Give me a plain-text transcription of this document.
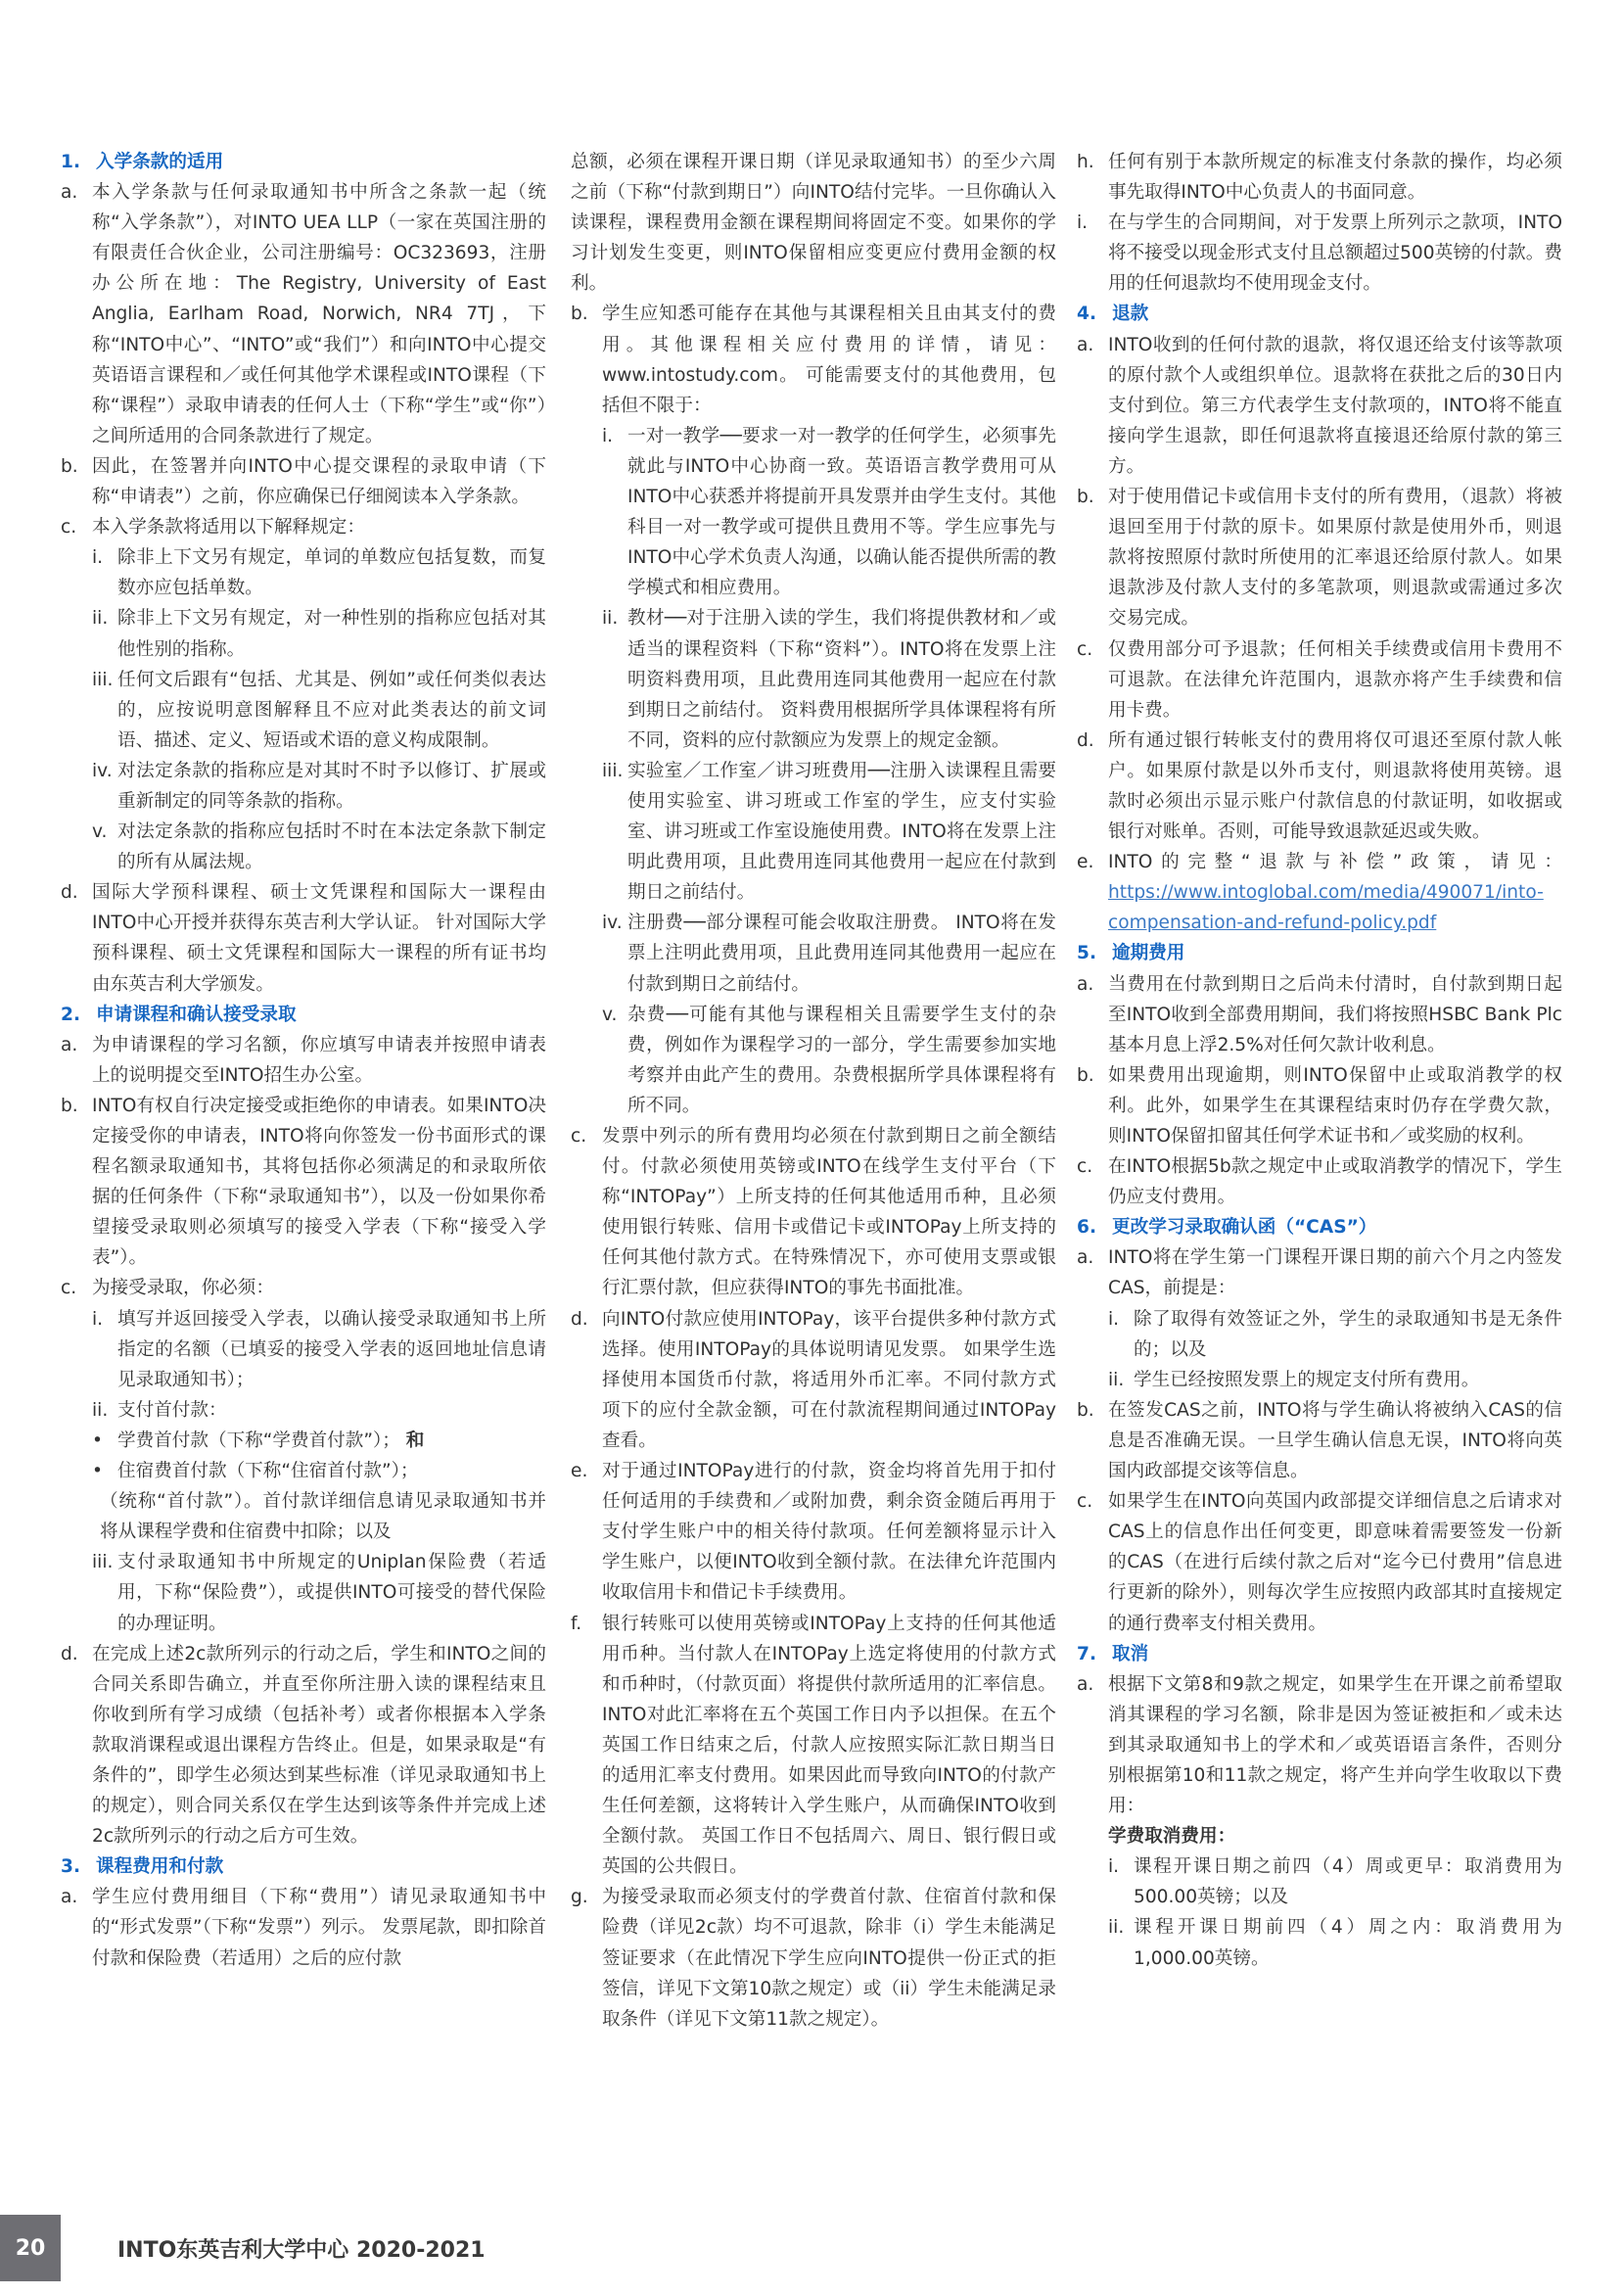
1. 入学条款的适用
a. 本入学条款与任何录取通知书中所含之条款一起（统称“入学条款”），对INTO UEA LLP（一家在英国注册的有限责任合伙企业，公司注册编号：OC323693，注册办公所在地：The Registry, University of East Anglia, Earlham Road, Norwich, NR4 7TJ，下称“INTO中心”、“INTO”或“我们”）和向INTO中心提交英语语言课程和／或任何其他学术课程或INTO课程（下称“课程”）录取申请表的任何人士（下称“学生”或“你”）之间所适用的合同条款进行了规定。
b. 因此，在签署并向INTO中心提交课程的录取申请（下称“申请表”）之前，你应确保已仔细阅读本入学条款。
c. 本入学条款将适用以下解释规定：
i. 除非上下文另有规定，单词的单数应包括复数，而复数亦应包括单数。
ii. 除非上下文另有规定，对一种性别的指称应包括对其他性别的指称。
iii. 任何文后跟有“包括、尤其是、例如”或任何类似表达的，应按说明意图解释且不应对此类表达的前文词语、描述、定义、短语或术语的意义构成限制。
iv. 对法定条款的指称应是对其时不时予以修订、扩展或重新制定的同等条款的指称。
v. 对法定条款的指称应包括时不时在本法定条款下制定的所有从属法规。
d. 国际大学预科课程、硕士文凭课程和国际大一课程由INTO中心开授并获得东英吉利大学认证。 针对国际大学预科课程、硕士文凭课程和国际大一课程的所有证书均由东英吉利大学颁发。
2. 申请课程和确认接受录取
a. 为申请课程的学习名额，你应填写申请表并按照申请表上的说明提交至INTO招生办公室。
b. INTO有权自行决定接受或拒绝你的申请表。如果INTO决定接受你的申请表，INTO将向你签发一份书面形式的课程名额录取通知书，其将包括你必须满足的和录取所依据的任何条件（下称“录取通知书”），以及一份如果你希望接受录取则必须填写的接受入学表（下称“接受入学表”）。
c. 为接受录取，你必须：
i. 填写并返回接受入学表，以确认接受录取通知书上所指定的名额（已填妥的接受入学表的返回地址信息请见录取通知书）；
ii. 支付首付款：
• 学费首付款（下称“学费首付款”）； 和
• 住宿费首付款（下称“住宿首付款”）；
（统称“首付款”）。首付款详细信息请见录取通知书并将从课程学费和住宿费中扣除；以及
iii. 支付录取通知书中所规定的Uniplan保险费（若适用，下称“保险费”），或提供INTO可接受的替代保险的办理证明。
d. 在完成上述2c款所列示的行动之后，学生和INTO之间的合同关系即告确立，并直至你所注册入读的课程结束且你收到所有学习成绩（包括补考）或者你根据本入学条款取消课程或退出课程方告终止。但是，如果录取是“有条件的”，即学生必须达到某些标准（详见录取通知书上的规定），则合同关系仅在学生达到该等条件并完成上述2c款所列示的行动之后方可生效。
3. 课程费用和付款
a. 学生应付费用细目（下称“费用”）请见录取通知书中的“形式发票”（下称“发票”）列示。 发票尾款，即扣除首付款和保险费（若适用）之后的应付款
总额，必须在课程开课日期（详见录取通知书）的至少六周之前（下称“付款到期日”）向INTO结付完毕。一旦你确认入读课程，课程费用金额在课程期间将固定不变。如果你的学习计划发生变更，则INTO保留相应变更应付费用金额的权利。
b. 学生应知悉可能存在其他与其课程相关且由其支付的费用。其他课程相关应付费用的详情，请见：www.intostudy.com。 可能需要支付的其他费用，包括但不限于：
i. 一对一教学──要求一对一教学的任何学生，必须事先就此与INTO中心协商一致。英语语言教学费用可从INTO中心获悉并将提前开具发票并由学生支付。其他科目一对一教学或可提供且费用不等。学生应事先与INTO中心学术负责人沟通，以确认能否提供所需的教学模式和相应费用。
ii. 教材──对于注册入读的学生，我们将提供教材和／或适当的课程资料（下称“资料”）。INTO将在发票上注明资料费用项，且此费用连同其他费用一起应在付款到期日之前结付。 资料费用根据所学具体课程将有所不同，资料的应付款额应为发票上的规定金额。
iii. 实验室／工作室／讲习班费用──注册入读课程且需要使用实验室、讲习班或工作室的学生，应支付实验室、讲习班或工作室设施使用费。INTO将在发票上注明此费用项，且此费用连同其他费用一起应在付款到期日之前结付。
iv. 注册费──部分课程可能会收取注册费。 INTO将在发票上注明此费用项，且此费用连同其他费用一起应在付款到期日之前结付。
v. 杂费──可能有其他与课程相关且需要学生支付的杂费，例如作为课程学习的一部分，学生需要参加实地考察并由此产生的费用。杂费根据所学具体课程将有所不同。
c. 发票中列示的所有费用均必须在付款到期日之前全额结付。付款必须使用英镑或INTO在线学生支付平台（下称“INTOPay”）上所支持的任何其他适用币种，且必须使用银行转账、信用卡或借记卡或INTOPay上所支持的任何其他付款方式。在特殊情况下，亦可使用支票或银行汇票付款，但应获得INTO的事先书面批准。
d. 向INTO付款应使用INTOPay，该平台提供多种付款方式选择。使用INTOPay的具体说明请见发票。 如果学生选择使用本国货币付款，将适用外币汇率。不同付款方式项下的应付全款金额，可在付款流程期间通过INTOPay查看。
e. 对于通过INTOPay进行的付款，资金均将首先用于扣付任何适用的手续费和／或附加费，剩余资金随后再用于支付学生账户中的相关待付款项。任何差额将显示计入学生账户，以便INTO收到全额付款。在法律允许范围内收取信用卡和借记卡手续费用。
f.	银行转账可以使用英镑或INTOPay上支持的任何其他适用币种。当付款人在INTOPay上选定将使用的付款方式和币种时，（付款页面）将提供付款所适用的汇率信息。INTO对此汇率将在五个英国工作日内予以担保。在五个英国工作日结束之后，付款人应按照实际汇款日期当日的适用汇率支付费用。如果因此而导致向INTO的付款产生任何差额，这将转计入学生账户，从而确保INTO收到全额付款。 英国工作日不包括周六、周日、银行假日或英国的公共假日。
g. 为接受录取而必须支付的学费首付款、住宿首付款和保险费（详见2c款）均不可退款，除非（i）学生未能满足签证要求（在此情况下学生应向INTO提供一份正式的拒签信，详见下文第10款之规定）或（ii）学生未能满足录取条件（详见下文第11款之规定）。
h. 任何有别于本款所规定的标准支付条款的操作，均必须事先取得INTO中心负责人的书面同意。
i.	在与学生的合同期间，对于发票上所列示之款项，INTO将不接受以现金形式支付且总额超过500英镑的付款。费用的任何退款均不使用现金支付。
4. 退款
a. INTO收到的任何付款的退款，将仅退还给支付该等款项的原付款个人或组织单位。退款将在获批之后的30日内支付到位。第三方代表学生支付款项的，INTO将不能直接向学生退款，即任何退款将直接退还给原付款的第三方。
b. 对于使用借记卡或信用卡支付的所有费用，（退款）将被退回至用于付款的原卡。如果原付款是使用外币，则退款将按照原付款时所使用的汇率退还给原付款人。如果退款涉及付款人支付的多笔款项，则退款或需通过多次交易完成。
c. 仅费用部分可予退款；任何相关手续费或信用卡费用不可退款。在法律允许范围内，退款亦将产生手续费和信用卡费。
d. 所有通过银行转帐支付的费用将仅可退还至原付款人帐户。如果原付款是以外币支付，则退款将使用英镑。退款时必须出示显示账户付款信息的付款证明，如收据或银行对账单。否则，可能导致退款延迟或失败。
e. INTO的完整“退款与补偿”政策，请见：https://www.intoglobal.com/media/490071/into-compensation-and-refund-policy.pdf
5. 逾期费用
a. 当费用在付款到期日之后尚未付清时，自付款到期日起至INTO收到全部费用期间，我们将按照HSBC Bank Plc基本月息上浮2.5%对任何欠款计收利息。
b. 如果费用出现逾期，则INTO保留中止或取消教学的权利。此外，如果学生在其课程结束时仍存在学费欠款，则INTO保留扣留其任何学术证书和／或奖励的权利。
c. 在INTO根据5b款之规定中止或取消教学的情况下，学生仍应支付费用。
6. 更改学习录取确认函（“CAS”）
a. INTO将在学生第一门课程开课日期的前六个月之内签发CAS，前提是：
i. 除了取得有效签证之外，学生的录取通知书是无条件的；以及
ii. 学生已经按照发票上的规定支付所有费用。
b. 在签发CAS之前，INTO将与学生确认将被纳入CAS的信息是否准确无误。一旦学生确认信息无误，INTO将向英国内政部提交该等信息。
c. 如果学生在INTO向英国内政部提交详细信息之后请求对CAS上的信息作出任何变更，即意味着需要签发一份新的CAS（在进行后续付款之后对“迄今已付费用”信息进行更新的除外），则每次学生应按照内政部其时直接规定的通行费率支付相关费用。
7. 取消
a. 根据下文第8和9款之规定，如果学生在开课之前希望取消其课程的学习名额，除非是因为签证被拒和／或未达到其录取通知书上的学术和／或英语语言条件，否则分别根据第10和11款之规定，将产生并向学生收取以下费用：
学费取消费用：
i. 课程开课日期之前四（4）周或更早：取消费用为500.00英镑；以及
ii. 课程开课日期前四（4）周之内：取消费用为1,000.00英镑。
20	INTO东英吉利大学中心 2020-2021
